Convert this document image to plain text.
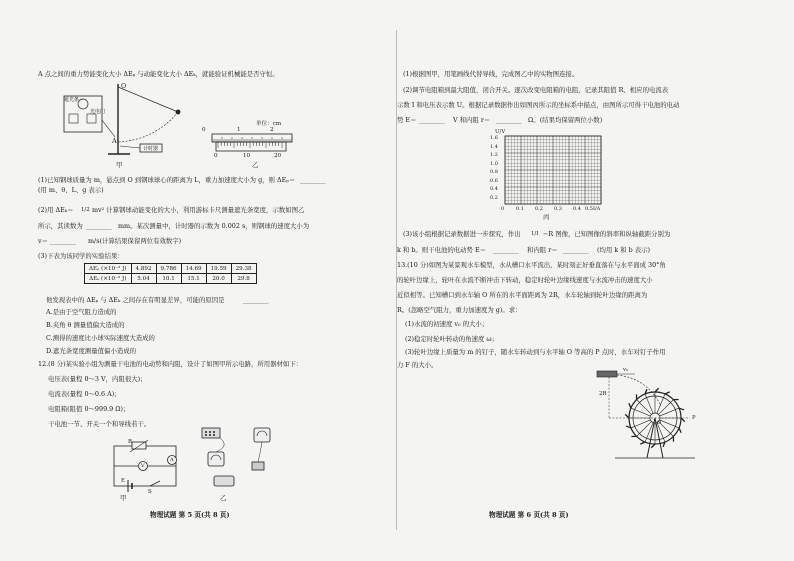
A 点之间的重力势能变化大小 ΔEₚ 与动能变化大小 ΔEₖ，就能验证机械能是否守恒。
O
A
遮光条
光电门
计时器
甲
单位：cm
0	1	2
0	10	20
乙
(1)已知钢球质量为 m，悬点到 O 到钢球球心的距离为 L，重力加速度大小为 g，则 ΔEₚ＝ ________
(用 m、θ、L、g 表示)
(2)用 ΔEₖ＝ 1/2 mv² 计算钢球动能变化的大小，利用游标卡尺测量遮光条宽度，示数如图乙
所示，其读数为 ________ mm。某次测量中，计时器的示数为 0.002 s，则钢球的速度大小为
v＝ ________ m/s(计算结果保留两位有效数字)
(3)下表为该同学的实验结果：
ΔEₚ (×10⁻² J)	4.892	9.786	14.69	19.59	29.38
ΔEₖ (×10⁻² J)	5.04	10.1	15.1	20.0	29.8
他发现表中的 ΔEₚ 与 ΔEₖ 之间存在有明显差异，可能的原因是	________
A.是由于空气阻力造成的
B.夹角 θ 测量值偏大造成的
C.测得的速度比小球实际速度大造成的
D.遮光条宽度测量值偏小造成的
12.(8 分)某实验小组为测量干电池的电动势和内阻，设计了如图甲所示电路，所用器材如下：
电压表(量程 0～3 V，内阻很大)；
电流表(量程 0～0.6 A)；
电阻箱(阻值 0～999.9 Ω)；
干电池一节、开关一个和导线若干。
R
V
A
E
S
甲	乙
物理试题 第 5 页(共 8 页)
(1)根据图甲，用笔画线代替导线，完成图乙中的实物图连接。
(2)调节电阻箱到最大阻值，闭合开关。逐次改变电阻箱的电阻，记录其阻值 R、相应的电流表
示数 I 和电压表示数 U。根据记录数据作出如图丙所示的坐标系中描点，由图所示可得干电池的电动
势 E＝ ________ V 和内阻 r＝ ________ Ω。(结果均保留两位小数)
U/V
1.6
1.4
1.2
1.0
0.8
0.6
0.4
0.2
0 0.1 0.2 0.3 0.4 0.5 I/A
丙
(3)该小组根据记录数据进一步探究，作出 1/I −R 图像，已知图像的斜率和纵轴截距分别为
k 和 b。则干电池的电动势 E＝ ________ 和内阻 r＝ ________ (均用 k 和 b 表示)
13.(10 分)如图为某景观水车模型，水从槽口水平流出，某时刻正好垂直落在与水平面成 30°角
的轮叶边缘上，轮叶在水流不断冲击下转动，稳定时轮叶边缘线速度与水流冲击的速度大小
近似相等。已知槽口到水车轴 O 所在的水平面距离为 2R，水车轮轴到轮叶边缘的距离为
R。(忽略空气阻力，重力加速度为 g)。求：
(1)水流的初速度 v₀ 的大小；
(2)稳定时轮叶转动的角速度 ω；
(3)轮叶边缘上质量为 m 的钉子，随水车转动到与水平轴 O 等高的 P 点时，水车对钉子作用
力 F 的大小。
v₀
2R
O
P
物理试题 第 6 页(共 8 页)
